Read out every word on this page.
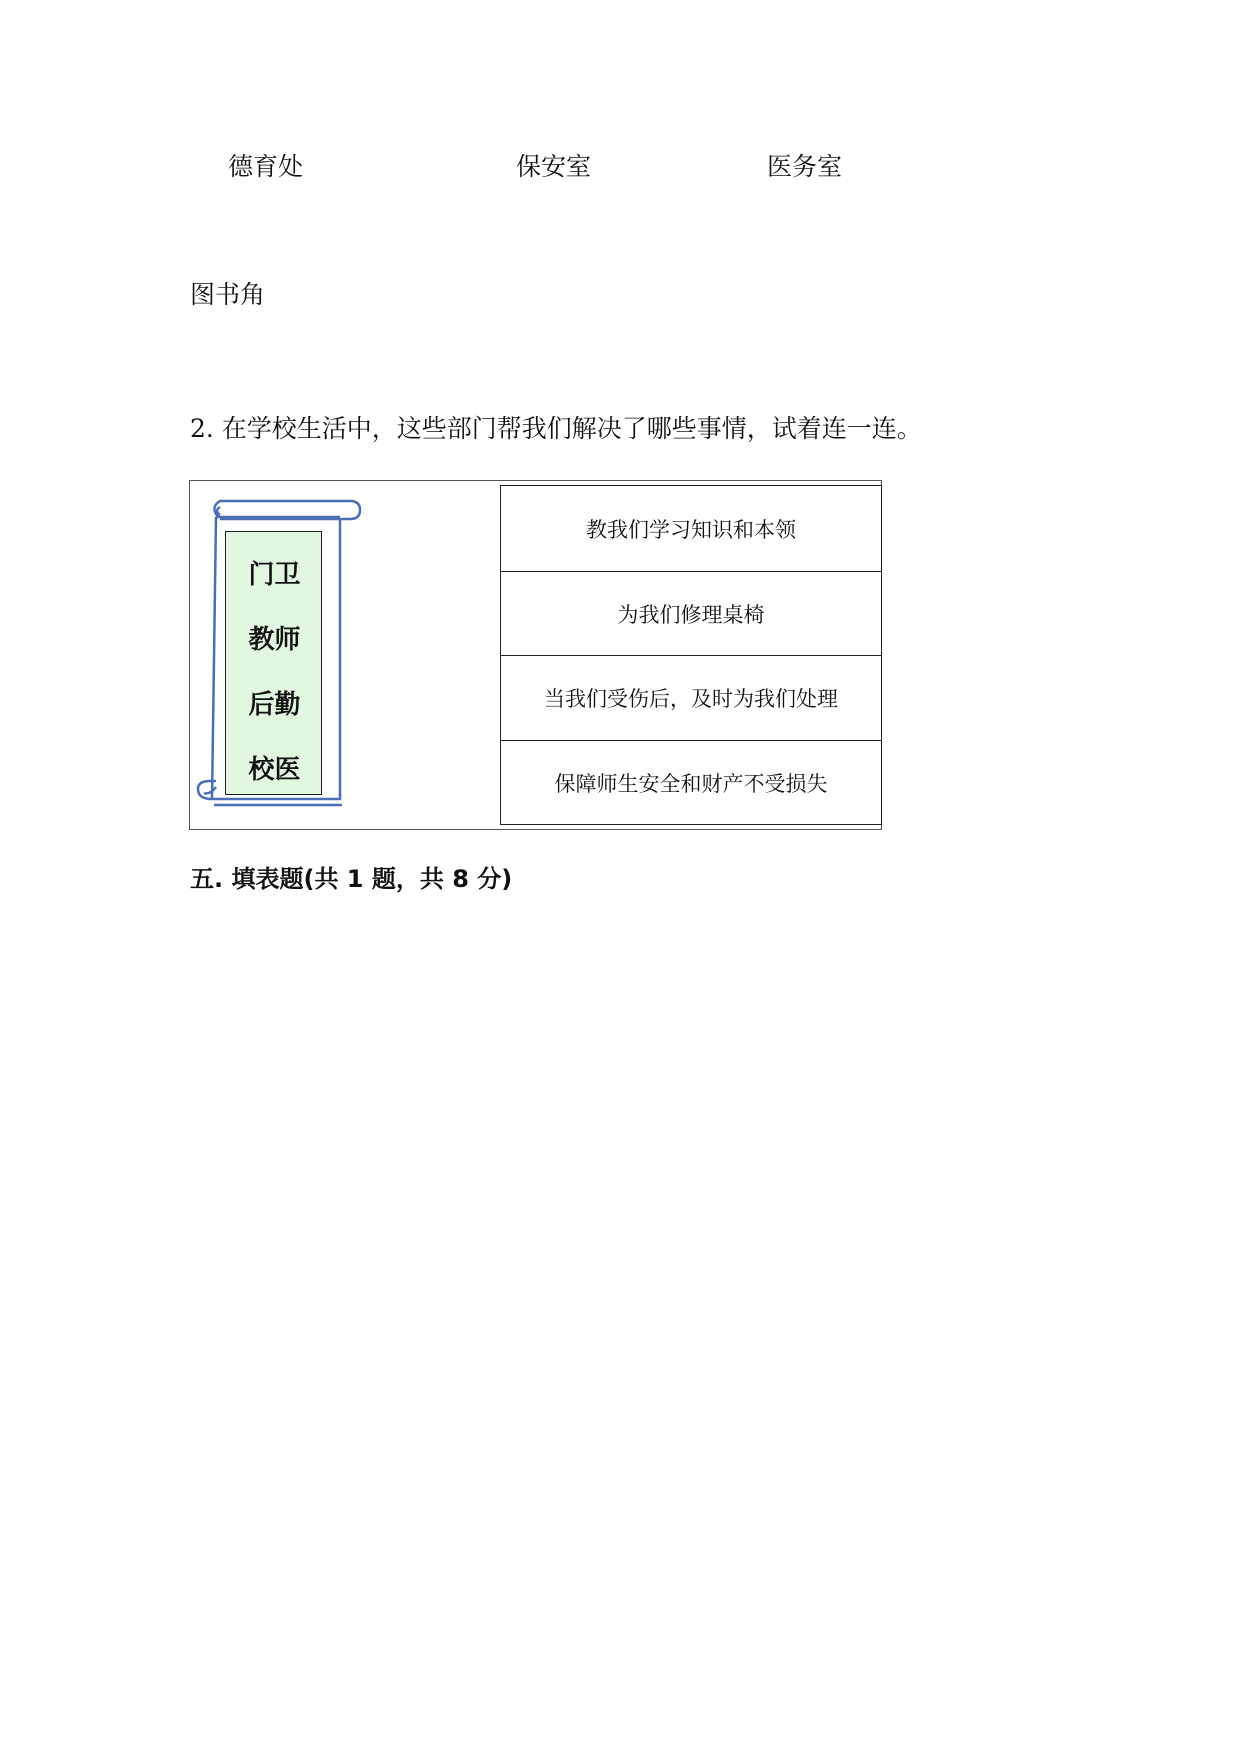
德育处	保安室	医务室
图书角
2. 在学校生活中，这些部门帮我们解决了哪些事情，试着连一连。
门卫
教师
后勤
校医
教我们学习知识和本领
为我们修理桌椅
当我们受伤后，及时为我们处理
保障师生安全和财产不受损失
五. 填表题(共 1 题，共 8 分)
